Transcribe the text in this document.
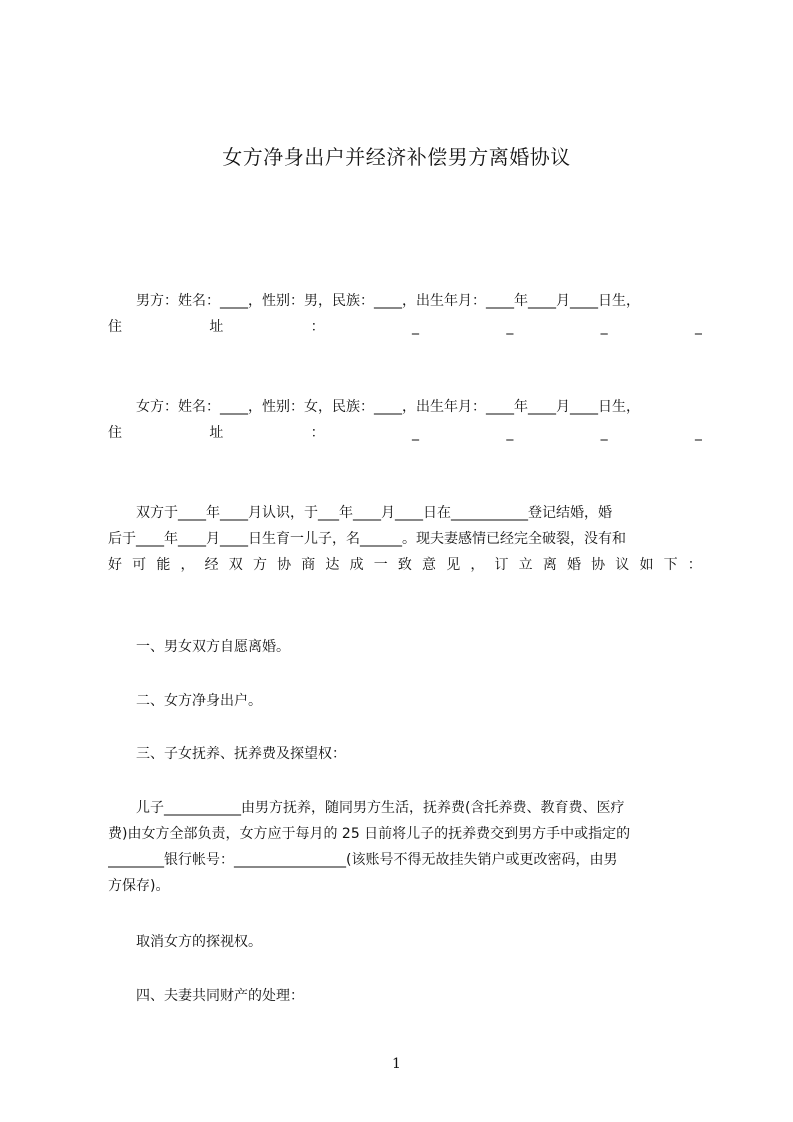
女方净身出户并经济补偿男方离婚协议
男方：姓名：____，性别：男，民族：____，出生年月：____年____月____日生，
住	址	：	_	_	_	_
女方：姓名：____，性别：女，民族：____，出生年月：____年____月____日生，
住	址	：	_	_	_	_
双方于____年____月认识，于___年____月____日在___________登记结婚，婚
后于____年____月____日生育一儿子，名______。现夫妻感情已经完全破裂，没有和
好 可 能 ， 经 双 方 协 商 达 成 一 致 意 见 ， 订 立 离 婚 协 议 如 下 ：
一、男女双方自愿离婚。
二、女方净身出户。
三、子女抚养、抚养费及探望权：
儿子___________由男方抚养，随同男方生活，抚养费(含托养费、教育费、医疗
费)由女方全部负责，女方应于每月的 25 日前将儿子的抚养费交到男方手中或指定的
________银行帐号：________________(该账号不得无故挂失销户或更改密码，由男
方保存)。
取消女方的探视权。
四、夫妻共同财产的处理：
1
